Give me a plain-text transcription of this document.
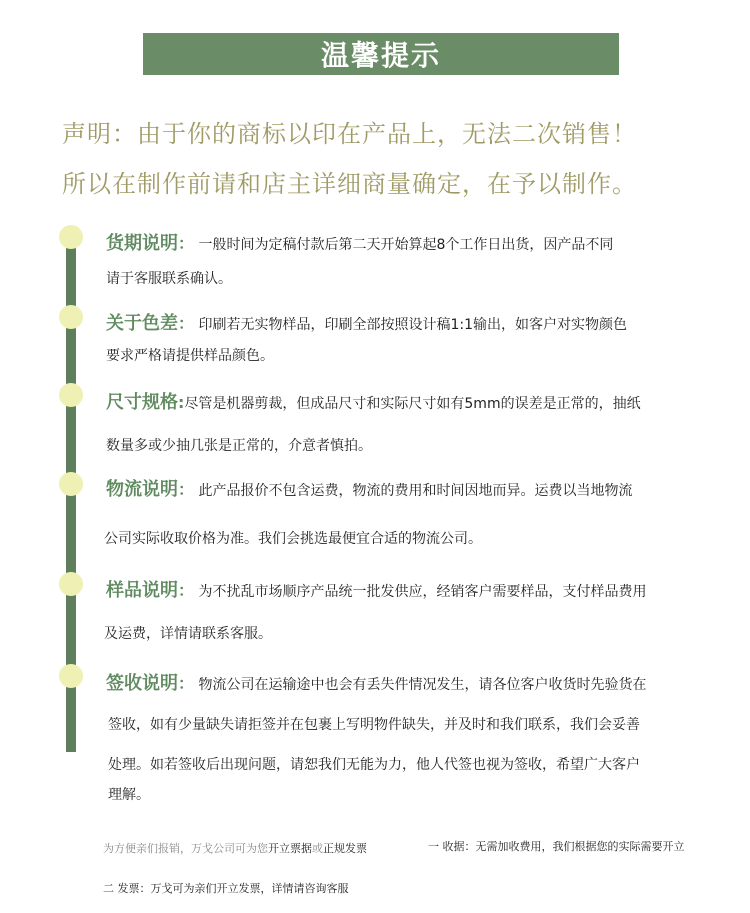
温馨提示
声明：由于你的商标以印在产品上，无法二次销售！
所以在制作前请和店主详细商量确定，在予以制作。
货期说明： 一般时间为定稿付款后第二天开始算起8个工作日出货，因产品不同
请于客服联系确认。
关于色差： 印刷若无实物样品，印刷全部按照设计稿1:1输出，如客户对实物颜色
要求严格请提供样品颜色。
尺寸规格:尽管是机器剪裁，但成品尺寸和实际尺寸如有5mm的误差是正常的，抽纸
数量多或少抽几张是正常的，介意者慎拍。
物流说明： 此产品报价不包含运费，物流的费用和时间因地而异。运费以当地物流
公司实际收取价格为准。我们会挑选最便宜合适的物流公司。
样品说明： 为不扰乱市场顺序产品统一批发供应，经销客户需要样品，支付样品费用
及运费，详情请联系客服。
签收说明： 物流公司在运输途中也会有丢失件情况发生，请各位客户收货时先验货在
签收，如有少量缺失请拒签并在包裹上写明物件缺失，并及时和我们联系，我们会妥善
处理。如若签收后出现问题，请恕我们无能为力，他人代签也视为签收，希望广大客户
理解。
为方便亲们报销，万戈公司可为您开立票据或正规发票	一 收据：无需加收费用，我们根据您的实际需要开立
二 发票：万戈可为亲们开立发票，详情请咨询客服
